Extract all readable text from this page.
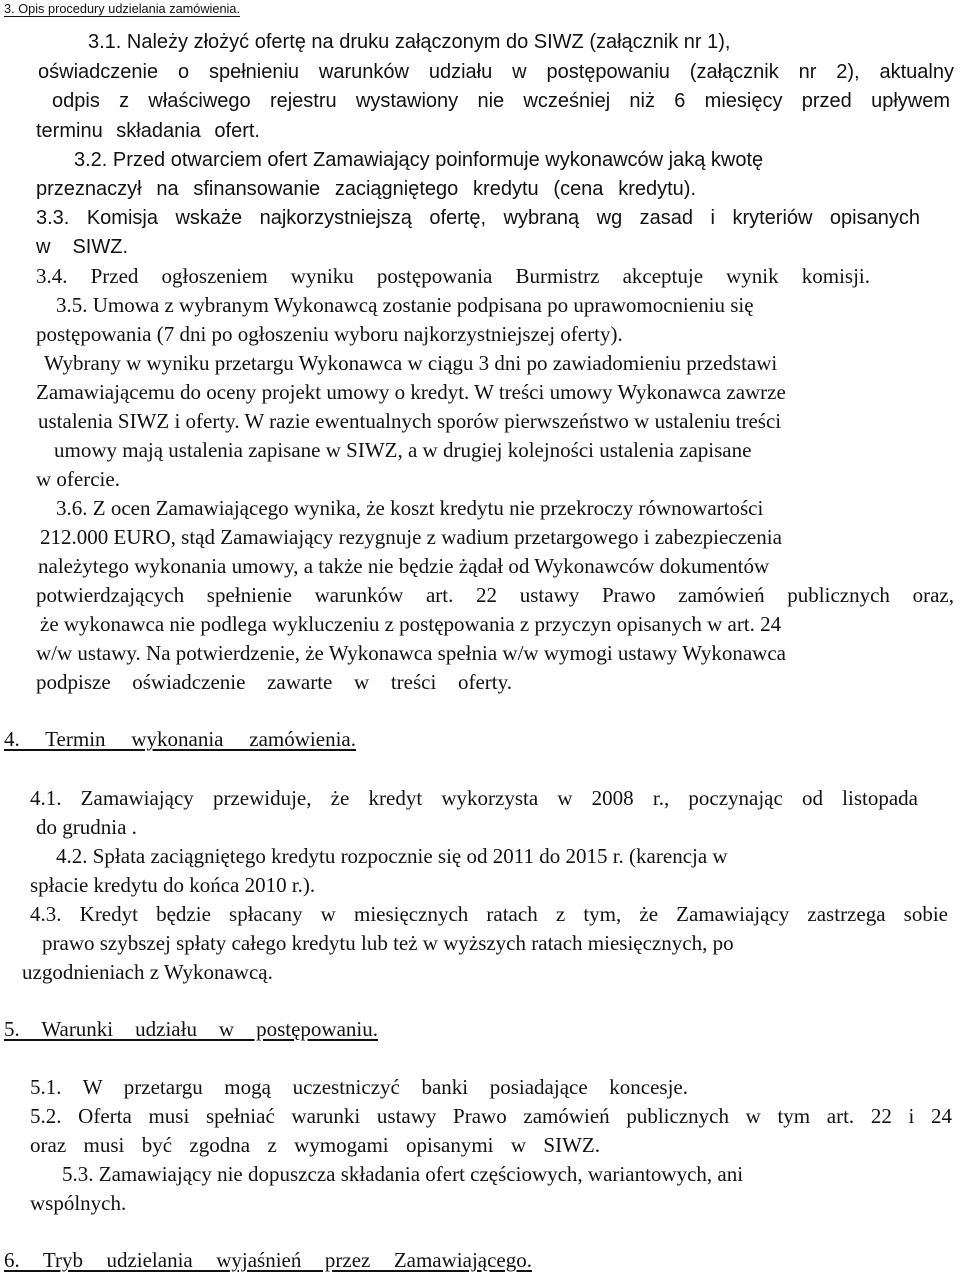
3. Opis procedury udzielania zamówienia.
3.1. Należy złożyć ofertę na druku załączonym do SIWZ (załącznik nr 1),
oświadczenie o spełnieniu warunków udziału w postępowaniu (załącznik nr 2), aktualny
odpis z właściwego rejestru wystawiony nie wcześniej niż 6 miesięcy przed upływem
terminu składania ofert.
3.2. Przed otwarciem ofert Zamawiający poinformuje wykonawców jaką kwotę
przeznaczył na sfinansowanie zaciągniętego kredytu (cena kredytu).
3.3. Komisja wskaże najkorzystniejszą ofertę, wybraną wg zasad i kryteriów opisanych
w SIWZ.
3.4. Przed ogłoszeniem wyniku postępowania Burmistrz akceptuje wynik komisji.
3.5. Umowa z wybranym Wykonawcą zostanie podpisana po uprawomocnieniu się
postępowania (7 dni po ogłoszeniu wyboru najkorzystniejszej oferty).
Wybrany w wyniku przetargu Wykonawca w ciągu 3 dni po zawiadomieniu przedstawi
Zamawiającemu do oceny projekt umowy o kredyt. W treści umowy Wykonawca zawrze
ustalenia SIWZ i oferty. W razie ewentualnych sporów pierwszeństwo w ustaleniu treści
umowy mają ustalenia zapisane w SIWZ, a w drugiej kolejności ustalenia zapisane
w ofercie.
3.6. Z ocen Zamawiającego wynika, że koszt kredytu nie przekroczy równowartości
212.000 EURO, stąd Zamawiający rezygnuje z wadium przetargowego i zabezpieczenia
należytego wykonania umowy, a także nie będzie żądał od Wykonawców dokumentów
potwierdzających spełnienie warunków art. 22 ustawy Prawo zamówień publicznych oraz,
że wykonawca nie podlega wykluczeniu z postępowania z przyczyn opisanych w art. 24
w/w ustawy. Na potwierdzenie, że Wykonawca spełnia w/w wymogi ustawy Wykonawca
podpisze oświadczenie zawarte w treści oferty.
4. Termin wykonania zamówienia.
4.1. Zamawiający przewiduje, że kredyt wykorzysta w 2008 r., poczynając od listopada
do grudnia .
4.2. Spłata zaciągniętego kredytu rozpocznie się od 2011 do 2015 r. (karencja w
spłacie kredytu do końca 2010 r.).
4.3. Kredyt będzie spłacany w miesięcznych ratach z tym, że Zamawiający zastrzega sobie
prawo szybszej spłaty całego kredytu lub też w wyższych ratach miesięcznych, po
uzgodnieniach z Wykonawcą.
5. Warunki udziału w postępowaniu.
5.1. W przetargu mogą uczestniczyć banki posiadające koncesje.
5.2. Oferta musi spełniać warunki ustawy Prawo zamówień publicznych w tym art. 22 i 24
oraz musi być zgodna z wymogami opisanymi w SIWZ.
5.3. Zamawiający nie dopuszcza składania ofert częściowych, wariantowych, ani
wspólnych.
6. Tryb udzielania wyjaśnień przez Zamawiającego.
